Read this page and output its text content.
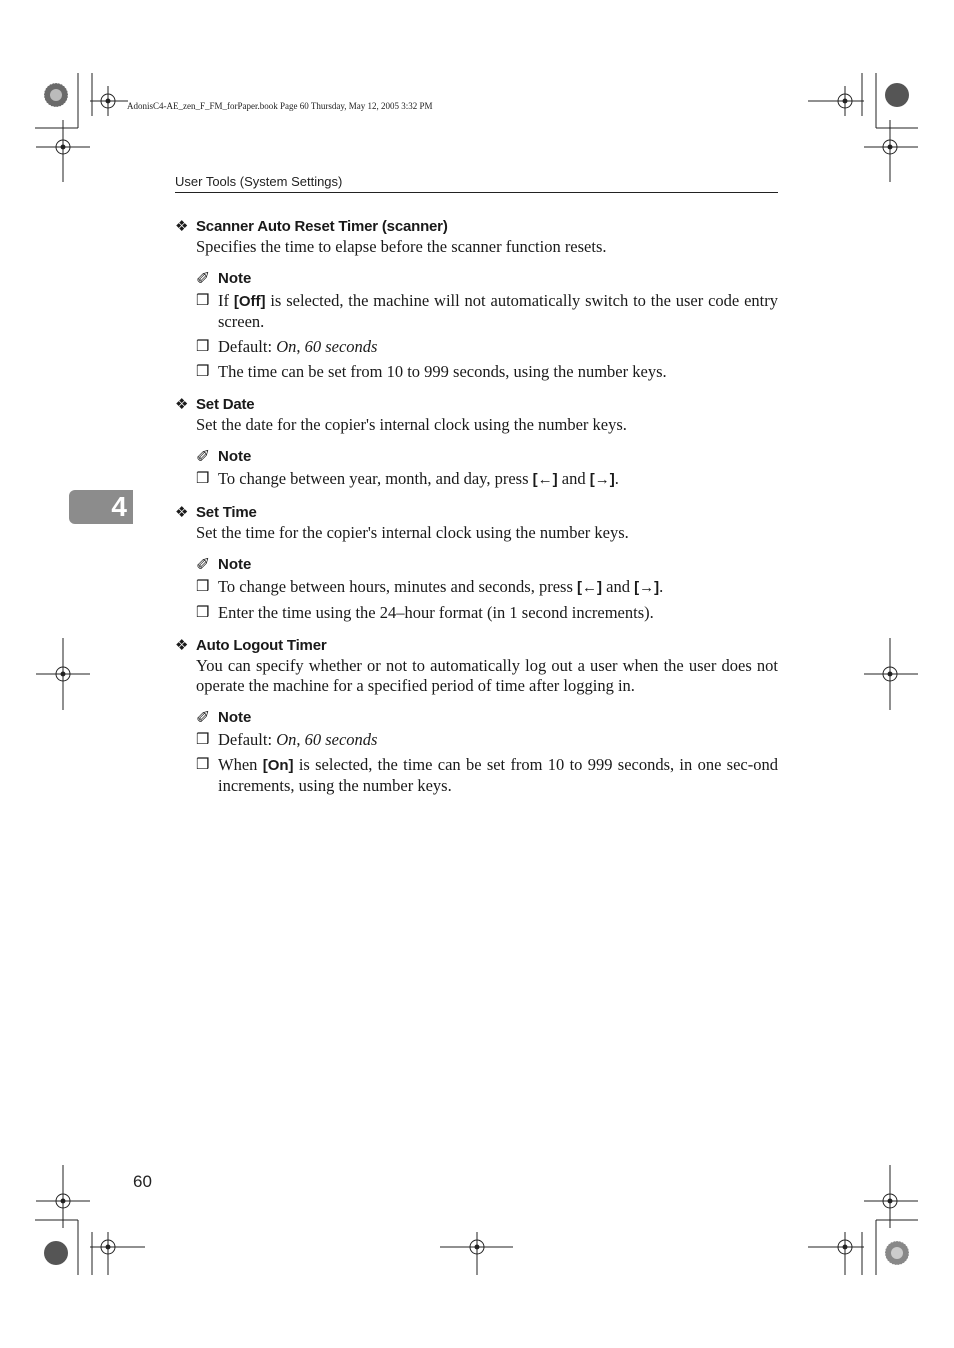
AdonisC4-AE_zen_F_FM_forPaper.book Page 60 Thursday, May 12, 2005 3:32 PM
User Tools (System Settings)
4
❖ Scanner Auto Reset Timer (scanner)
Specifies the time to elapse before the scanner function resets.
✐ Note
❒ If [Off] is selected, the machine will not automatically switch to the user code entry screen.
❒ Default: On, 60 seconds
❒ The time can be set from 10 to 999 seconds, using the number keys.
❖ Set Date
Set the date for the copier's internal clock using the number keys.
✐ Note
❒ To change between year, month, and day, press [←] and [→].
❖ Set Time
Set the time for the copier's internal clock using the number keys.
✐ Note
❒ To change between hours, minutes and seconds, press [←] and [→].
❒ Enter the time using the 24–hour format (in 1 second increments).
❖ Auto Logout Timer
You can specify whether or not to automatically log out a user when the user does not operate the machine for a specified period of time after logging in.
✐ Note
❒ Default: On, 60 seconds
❒ When [On] is selected, the time can be set from 10 to 999 seconds, in one sec-ond increments, using the number keys.
60
